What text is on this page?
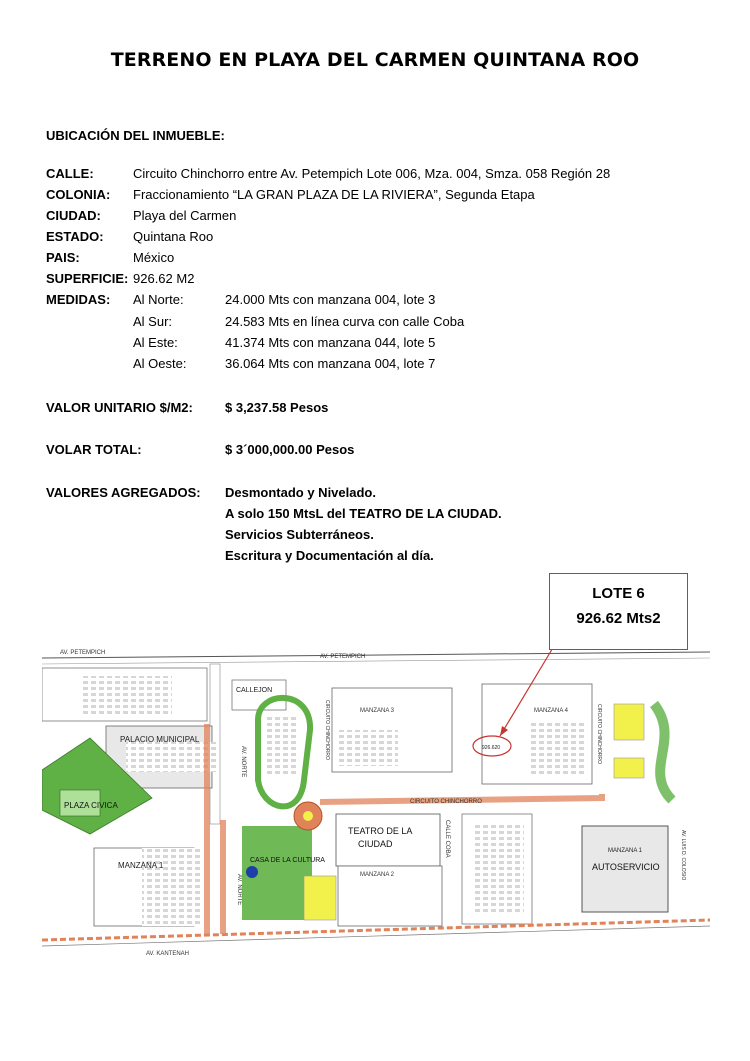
TERRENO EN PLAYA DEL CARMEN QUINTANA ROO
UBICACIÓN DEL INMUEBLE:
CALLE:	Circuito Chinchorro entre Av. Petempich Lote 006, Mza. 004, Smza. 058 Región 28
COLONIA: Fraccionamiento “LA GRAN PLAZA DE LA RIVIERA”, Segunda Etapa
CIUDAD: Playa del Carmen
ESTADO: Quintana Roo
PAIS:	México
SUPERFICIE: 926.62 M2
MEDIDAS: Al Norte:	24.000 Mts con manzana 004, lote 3
Al Sur:	24.583 Mts en línea curva con calle Coba
Al Este:	41.374 Mts con manzana 044, lote 5
Al Oeste:	36.064 Mts con manzana 004, lote 7
VALOR UNITARIO $/M2: $ 3,237.58 Pesos
VOLAR TOTAL:	$ 3´000,000.00 Pesos
VALORES AGREGADOS: Desmontado y Nivelado.
A solo 150 MtsL del TEATRO DE LA CIUDAD.
Servicios Subterráneos.
Escritura y Documentación al día.
PALACIO MUNICIPAL
PLAZA CIVICA
MANZANA 1
AV. NORTE
AV. NORTE
CALLEJON
CASA DE LA CULTURA
TEATRO DE LA
CIUDAD
MANZANA 3
MANZANA 2
CIRCUITO CHINCHORRO
CALLE COBA
MANZANA 4
CIRCUITO CHINCHORRO	CIRCUITO CHINCHORRO
926.620
MANZANA 1
AUTOSERVICIO	AV. LUIS D. COLOSIO
AV. PETEMPICH
AV. PETEMPICH
AV. KANTENAH
LOTE 6
926.62 Mts2
